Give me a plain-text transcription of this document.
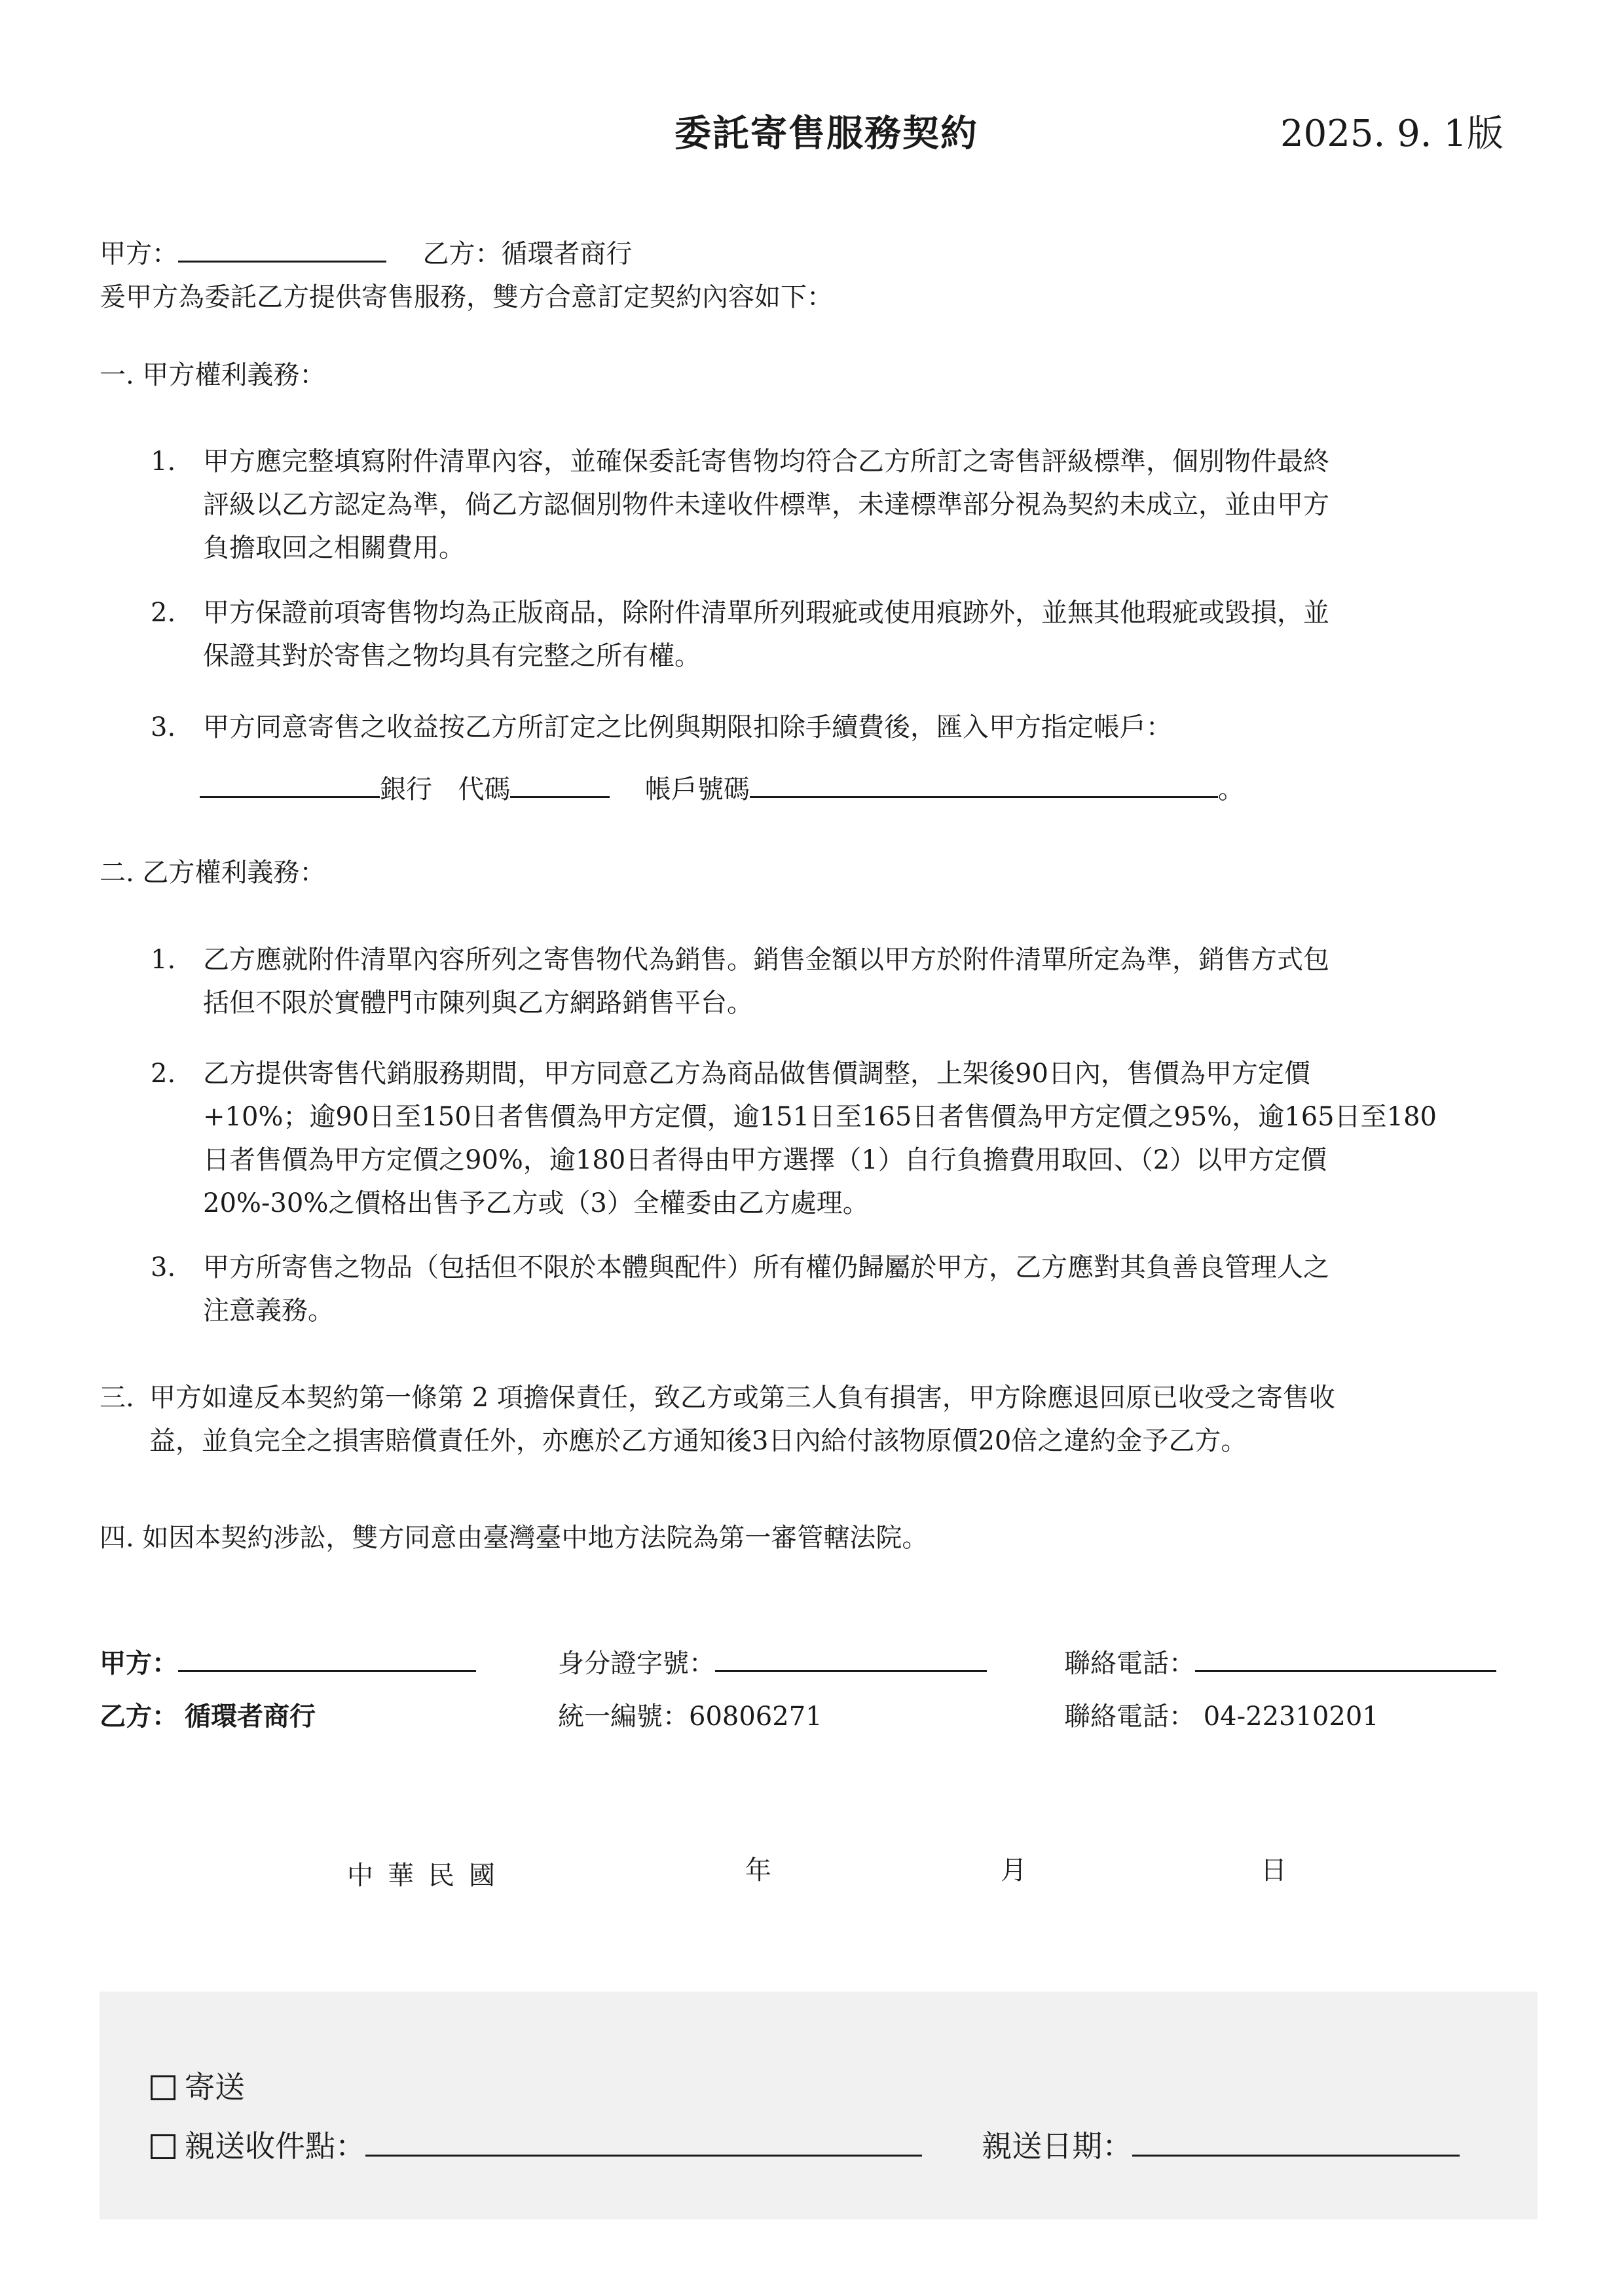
委託寄售服務契約	2025. 9. 1版
甲方：	乙方：循環者商行
爰甲方為委託乙方提供寄售服務，雙方合意訂定契約內容如下：
一. 甲方權利義務：
1. 甲方應完整填寫附件清單內容，並確保委託寄售物均符合乙方所訂之寄售評級標準，個別物件最終
評級以乙方認定為準，倘乙方認個別物件未達收件標準，未達標準部分視為契約未成立，並由甲方
負擔取回之相關費用。
2. 甲方保證前項寄售物均為正版商品，除附件清單所列瑕疵或使用痕跡外，並無其他瑕疵或毀損，並
保證其對於寄售之物均具有完整之所有權。
3. 甲方同意寄售之收益按乙方所訂定之比例與期限扣除手續費後，匯入甲方指定帳戶：
銀行 代碼	帳戶號碼	。
二. 乙方權利義務：
1. 乙方應就附件清單內容所列之寄售物代為銷售。銷售金額以甲方於附件清單所定為準，銷售方式包
括但不限於實體門市陳列與乙方網路銷售平台。
2. 乙方提供寄售代銷服務期間，甲方同意乙方為商品做售價調整，上架後90日內，售價為甲方定價
+10%；逾90日至150日者售價為甲方定價，逾151日至165日者售價為甲方定價之95%，逾165日至180
日者售價為甲方定價之90%，逾180日者得由甲方選擇（1）自行負擔費用取回、（2）以甲方定價
20%-30%之價格出售予乙方或（3）全權委由乙方處理。
3. 甲方所寄售之物品（包括但不限於本體與配件）所有權仍歸屬於甲方，乙方應對其負善良管理人之
注意義務。
三. 甲方如違反本契約第一條第 2 項擔保責任，致乙方或第三人負有損害，甲方除應退回原已收受之寄售收
益，並負完全之損害賠償責任外，亦應於乙方通知後3日內給付該物原價20倍之違約金予乙方。
四. 如因本契約涉訟，雙方同意由臺灣臺中地方法院為第一審管轄法院。
甲方：	身分證字號：	聯絡電話：
乙方： 循環者商行	統一編號：60806271	聯絡電話： 04-22310201
中華民國	年	月	日
寄送
親送收件點：	親送日期：
